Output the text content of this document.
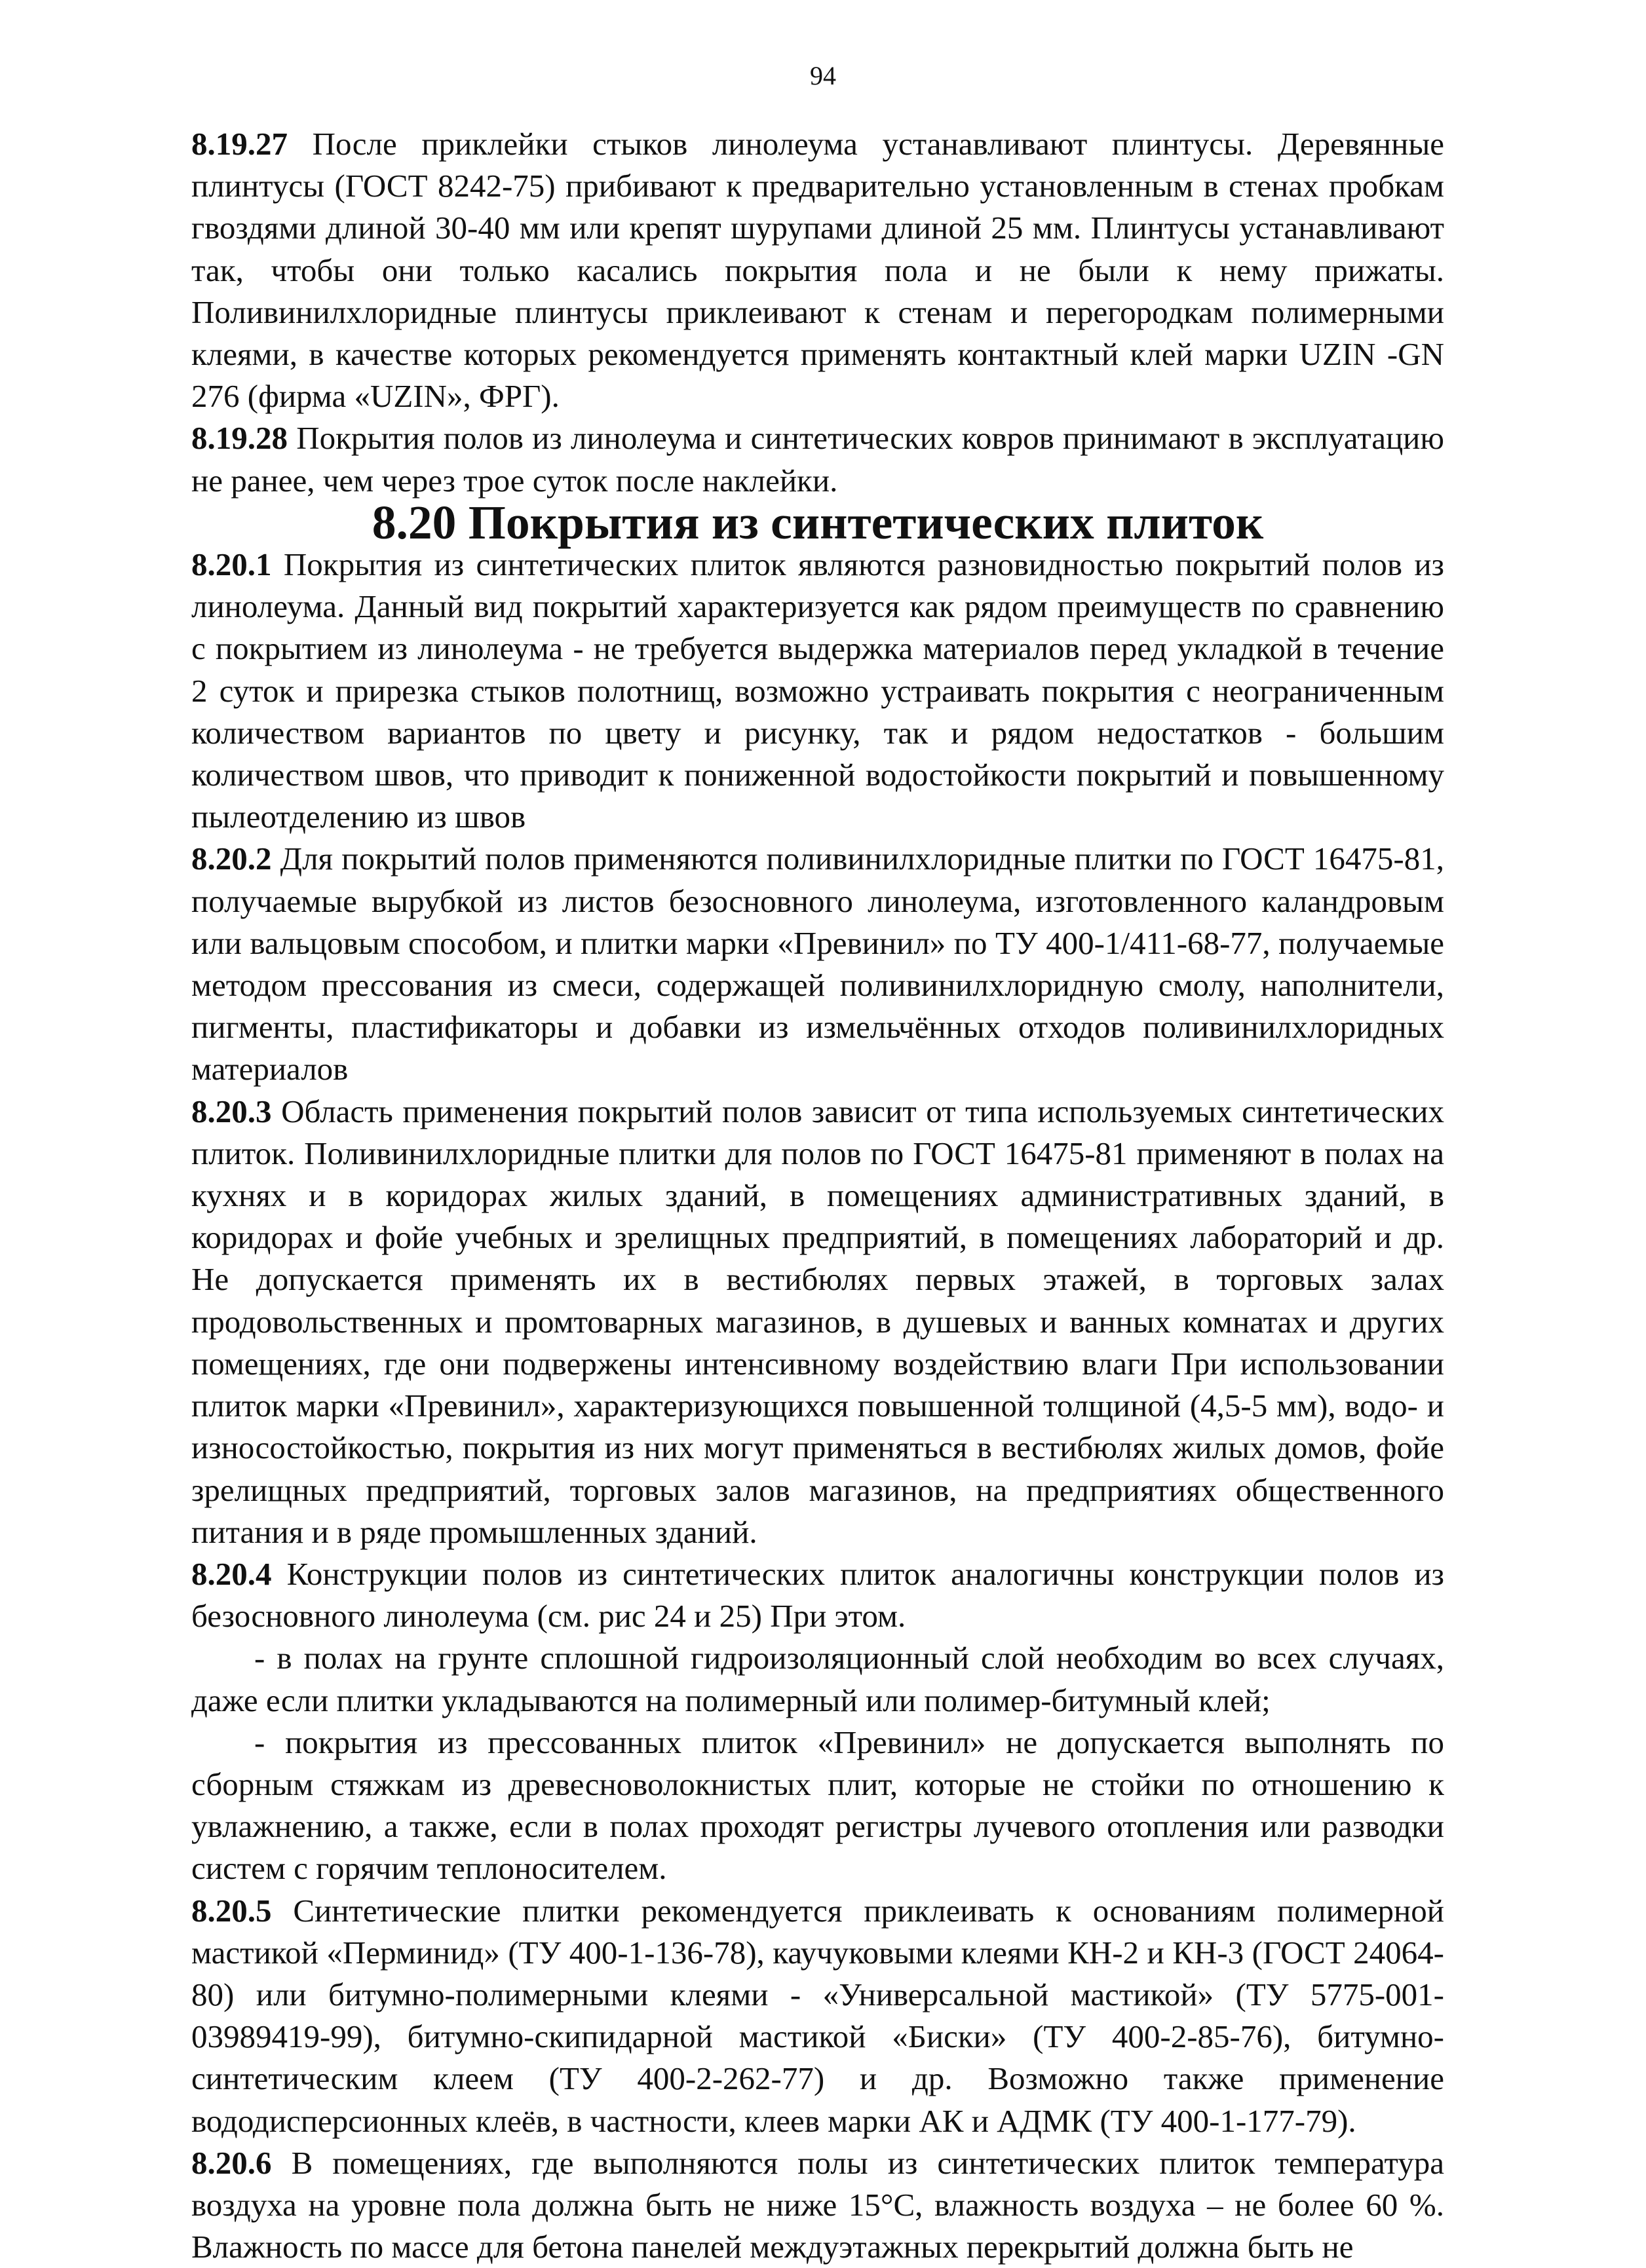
94

8.19.27 После приклейки стыков линолеума устанавливают плинтусы. Деревянные плинтусы (ГОСТ 8242-75) прибивают к предварительно установленным в стенах пробкам гвоздями длиной 30-40 мм или крепят шурупами длиной 25 мм. Плинтусы устанавливают так, чтобы они только касались покрытия пола и не были к нему прижаты. Поливинилхлоридные плинтусы приклеивают к стенам и перегородкам полимерными клеями, в качестве которых рекомендуется применять контактный клей марки UZIN -GN 276 (фирма «UZIN», ФРГ).

8.19.28 Покрытия полов из линолеума и синтетических ковров принимают в эксплуатацию не ранее, чем через трое суток после наклейки.

8.20 Покрытия из синтетических плиток

8.20.1 Покрытия из синтетических плиток являются разновидностью покрытий полов из линолеума. Данный вид покрытий характеризуется как рядом преимуществ по сравнению с покрытием из линолеума - не требуется выдержка материалов перед укладкой в течение 2 суток и прирезка стыков полотнищ, возможно устраивать покрытия с неограниченным количеством вариантов по цвету и рисунку, так и рядом недостатков - большим количеством швов, что приводит к пониженной водостойкости покрытий и повышенному пылеотделению из швов

8.20.2 Для покрытий полов применяются поливинилхлоридные плитки по ГОСТ 16475-81, получаемые вырубкой из листов безосновного линолеума, изготовленного каландровым или вальцовым способом, и плитки марки «Превинил» по ТУ 400-1/411-68-77, получаемые методом прессования из смеси, содержащей поливинилхлоридную смолу, наполнители, пигменты, пластификаторы и добавки из измельчённых отходов поливинилхлоридных материалов

8.20.3 Область применения покрытий полов зависит от типа используемых синтетических плиток. Поливинилхлоридные плитки для полов по ГОСТ 16475-81 применяют в полах на кухнях и в коридорах жилых зданий, в помещениях административных зданий, в коридорах и фойе учебных и зрелищных предприятий, в помещениях лабораторий и др. Не допускается применять их в вестибюлях первых этажей, в торговых залах продовольственных и промтоварных магазинов, в душевых и ванных комнатах и других помещениях, где они подвержены интенсивному воздействию влаги При использовании плиток марки «Превинил», характеризующихся повышенной толщиной (4,5-5 мм), водо- и износостойкостью, покрытия из них могут применяться в вестибюлях жилых домов, фойе зрелищных предприятий, торговых залов магазинов, на предприятиях общественного питания и в ряде промышленных зданий.

8.20.4 Конструкции полов из синтетических плиток аналогичны конструкции полов из безосновного линолеума (см. рис 24 и 25) При этом.

- в полах на грунте сплошной гидроизоляционный слой необходим во всех случаях, даже если плитки укладываются на полимерный или полимер-битумный клей;

- покрытия из прессованных плиток «Превинил» не допускается выполнять по сборным стяжкам из древесноволокнистых плит, которые не стойки по отношению к увлажнению, а также, если в полах проходят регистры лучевого отопления или разводки систем с горячим теплоносителем.

8.20.5 Синтетические плитки рекомендуется приклеивать к основаниям полимерной мастикой «Перминид» (ТУ 400-1-136-78), каучуковыми клеями КН-2 и КН-3 (ГОСТ 24064-80) или битумно-полимерными клеями - «Универсальной мастикой» (ТУ 5775-001-03989419-99), битумно-скипидарной мастикой «Биски» (ТУ 400-2-85-76), битумно-синтетическим клеем (ТУ 400-2-262-77) и др. Возможно также применение вододисперсионных клеёв, в частности, клеев марки АК и АДМК (ТУ 400-1-177-79).

8.20.6 В помещениях, где выполняются полы из синтетических плиток температура воздуха на уровне пола должна быть не ниже 15°С, влажность воздуха – не более 60 %. Влажность по массе для бетона панелей междуэтажных перекрытий должна быть не
